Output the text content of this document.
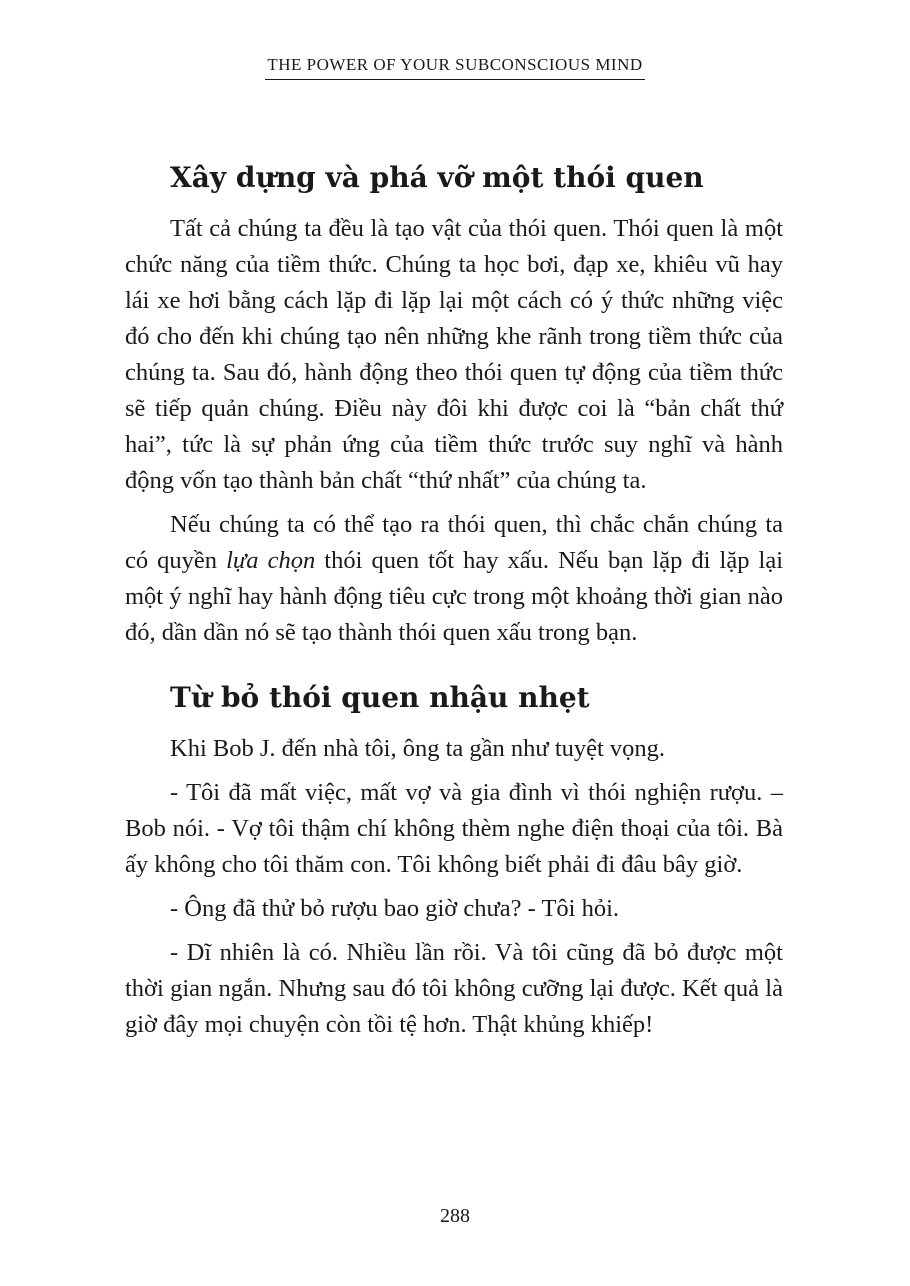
THE POWER OF YOUR SUBCONSCIOUS MIND
Xây dựng và phá vỡ một thói quen

Tất cả chúng ta đều là tạo vật của thói quen. Thói quen là một chức năng của tiềm thức. Chúng ta học bơi, đạp xe, khiêu vũ hay lái xe hơi bằng cách lặp đi lặp lại một cách có ý thức những việc đó cho đến khi chúng tạo nên những khe rãnh trong tiềm thức của chúng ta. Sau đó, hành động theo thói quen tự động của tiềm thức sẽ tiếp quản chúng. Điều này đôi khi được coi là “bản chất thứ hai”, tức là sự phản ứng của tiềm thức trước suy nghĩ và hành động vốn tạo thành bản chất “thứ nhất” của chúng ta.

Nếu chúng ta có thể tạo ra thói quen, thì chắc chắn chúng ta có quyền lựa chọn thói quen tốt hay xấu. Nếu bạn lặp đi lặp lại một ý nghĩ hay hành động tiêu cực trong một khoảng thời gian nào đó, dần dần nó sẽ tạo thành thói quen xấu trong bạn.

Từ bỏ thói quen nhậu nhẹt

Khi Bob J. đến nhà tôi, ông ta gần như tuyệt vọng.

- Tôi đã mất việc, mất vợ và gia đình vì thói nghiện rượu. – Bob nói. - Vợ tôi thậm chí không thèm nghe điện thoại của tôi. Bà ấy không cho tôi thăm con. Tôi không biết phải đi đâu bây giờ.

- Ông đã thử bỏ rượu bao giờ chưa? - Tôi hỏi.

- Dĩ nhiên là có. Nhiều lần rồi. Và tôi cũng đã bỏ được một thời gian ngắn. Nhưng sau đó tôi không cưỡng lại được. Kết quả là giờ đây mọi chuyện còn tồi tệ hơn. Thật khủng khiếp!

288
